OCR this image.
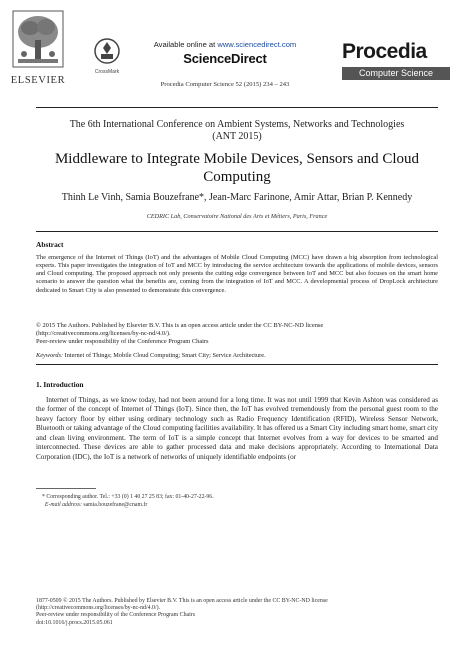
ELSEVIER
CrossMark
Available online at www.sciencedirect.com
ScienceDirect
Procedia Computer Science 52 (2015) 234 – 243
Procedia
Computer Science
The 6th International Conference on Ambient Systems, Networks and Technologies
(ANT 2015)
Middleware to Integrate Mobile Devices, Sensors and Cloud Computing
Thinh Le Vinh, Samia Bouzefrane*, Jean-Marc Farinone, Amir Attar, Brian P. Kennedy
CEDRIC Lab, Conservatoire National des Arts et Métiers, Paris, France
Abstract
The emergence of the Internet of Things (IoT) and the advantages of Mobile Cloud Computing (MCC) have drawn a big absorption from technological experts. This paper investigates the integration of IoT and MCC by introducing the service architecture towards the applications of mobile devices, sensors and Cloud computing. The proposed approach not only presents the cutting edge convergence between IoT and MCC but also focuses on the smart home scenario to answer the question what the benefits are, coming from the integration of IoT and MCC. A developmental process of DropLock architecture dedicated to Smart City is also presented to demonstrate this convergence.
© 2015 The Authors. Published by Elsevier B.V. This is an open access article under the CC BY-NC-ND license
(http://creativecommons.org/licenses/by-nc-nd/4.0/).
Peer-review under responsibility of the Conference Program Chairs
Keywords: Internet of Things; Mobile Cloud Computing; Smart City; Service Architecture.
1. Introduction
Internet of Things, as we know today, had not been around for a long time. It was not until 1999 that Kevin Ashton was considered as the former of the concept of Internet of Things (IoT). Since then, the IoT has evolved tremendously from the personal guest room to the heavy factory floor by either using ordinary technology such as Radio Frequency Identification (RFID), Wireless Sensor Network, Bluetooth or taking advantage of the Cloud computing facilities availability. It has offered us a Smart City including smart home, smart city and clean living environment. The term of IoT is a simple concept that Internet evolves from a way for devices to be smarted and interconnected. These devices are able to gather processed data and make decisions appropriately. According to International Data Corporation (IDC), the IoT is a network of networks of uniquely identifiable endpoints (or
* Corresponding author. Tel.: +33 (0) 1 40 27 25 83; fax: 01-40-27-22-96.
E-mail address: samia.bouzefrane@cnam.fr
1877-0509 © 2015 The Authors. Published by Elsevier B.V. This is an open access article under the CC BY-NC-ND license
(http://creativecommons.org/licenses/by-nc-nd/4.0/).
Peer-review under responsibility of the Conference Program Chairs
doi:10.1016/j.procs.2015.05.061
